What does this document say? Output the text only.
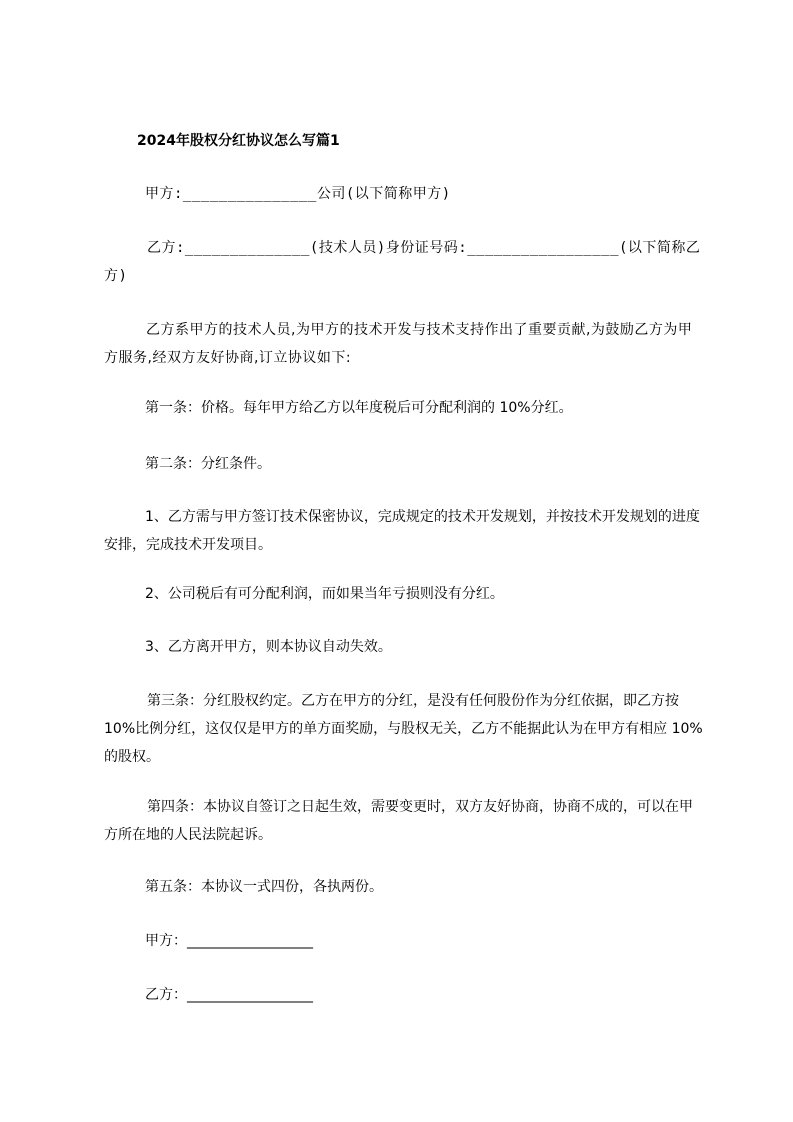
2024年股权分红协议怎么写篇1

甲方:_______________公司(以下简称甲方)

乙方:______________(技术人员)身份证号码:_________________(以下简称乙方)

乙方系甲方的技术人员,为甲方的技术开发与技术支持作出了重要贡献,为鼓励乙方为甲方服务,经双方友好协商,订立协议如下:

第一条：价格。每年甲方给乙方以年度税后可分配利润的 10%分红。

第二条：分红条件。

1、乙方需与甲方签订技术保密协议，完成规定的技术开发规划，并按技术开发规划的进度安排，完成技术开发项目。

2、公司税后有可分配利润，而如果当年亏损则没有分红。

3、乙方离开甲方，则本协议自动失效。

第三条：分红股权约定。乙方在甲方的分红，是没有任何股份作为分红依据，即乙方按 10%比例分红，这仅仅是甲方的单方面奖励，与股权无关，乙方不能据此认为在甲方有相应 10%的股权。

第四条：本协议自签订之日起生效，需要变更时，双方友好协商，协商不成的，可以在甲方所在地的人民法院起诉。

第五条：本协议一式四份，各执两份。

甲方：__________________

乙方：__________________
